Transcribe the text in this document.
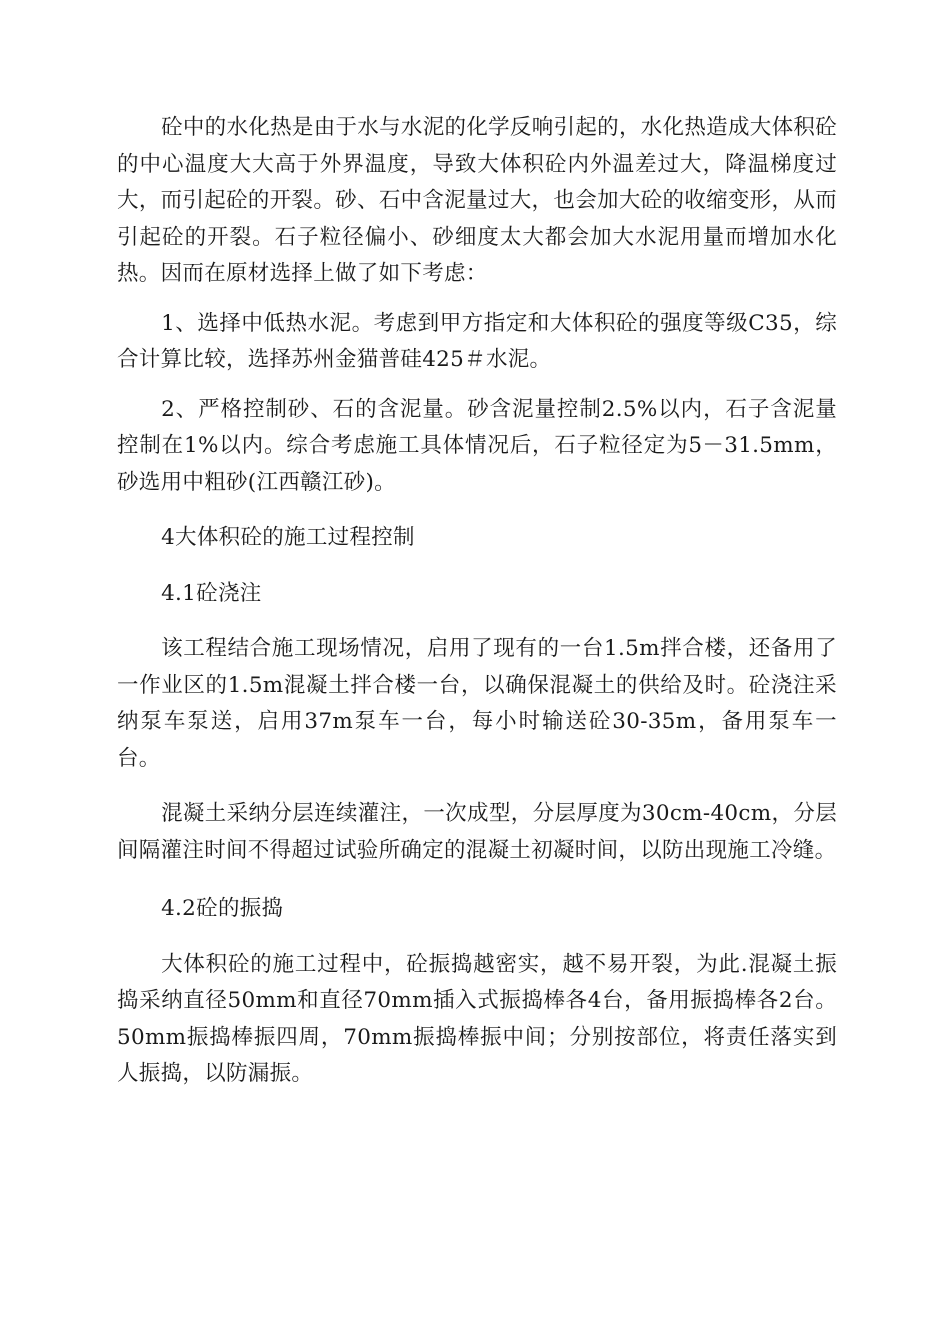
砼中的水化热是由于水与水泥的化学反响引起的，水化热造成大体积砼的中心温度大大高于外界温度，导致大体积砼内外温差过大，降温梯度过大，而引起砼的开裂。砂、石中含泥量过大，也会加大砼的收缩变形，从而引起砼的开裂。石子粒径偏小、砂细度太大都会加大水泥用量而增加水化热。因而在原材选择上做了如下考虑：

1、选择中低热水泥。考虑到甲方指定和大体积砼的强度等级C35，综合计算比较，选择苏州金猫普硅425＃水泥。

2、严格控制砂、石的含泥量。砂含泥量控制2.5%以内，石子含泥量控制在1%以内。综合考虑施工具体情况后，石子粒径定为5－31.5mm，砂选用中粗砂(江西赣江砂)。

4大体积砼的施工过程控制

4.1砼浇注

该工程结合施工现场情况，启用了现有的一台1.5m拌合楼，还备用了一作业区的1.5m混凝土拌合楼一台，以确保混凝土的供给及时。砼浇注采纳泵车泵送，启用37m泵车一台，每小时输送砼30-35m，备用泵车一台。

混凝土采纳分层连续灌注，一次成型，分层厚度为30cm-40cm，分层间隔灌注时间不得超过试验所确定的混凝土初凝时间，以防出现施工冷缝。

4.2砼的振捣

大体积砼的施工过程中，砼振捣越密实，越不易开裂，为此.混凝土振捣采纳直径50mm和直径70mm插入式振捣棒各4台，备用振捣棒各2台。50mm振捣棒振四周，70mm振捣棒振中间；分别按部位，将责任落实到人振捣，以防漏振。
